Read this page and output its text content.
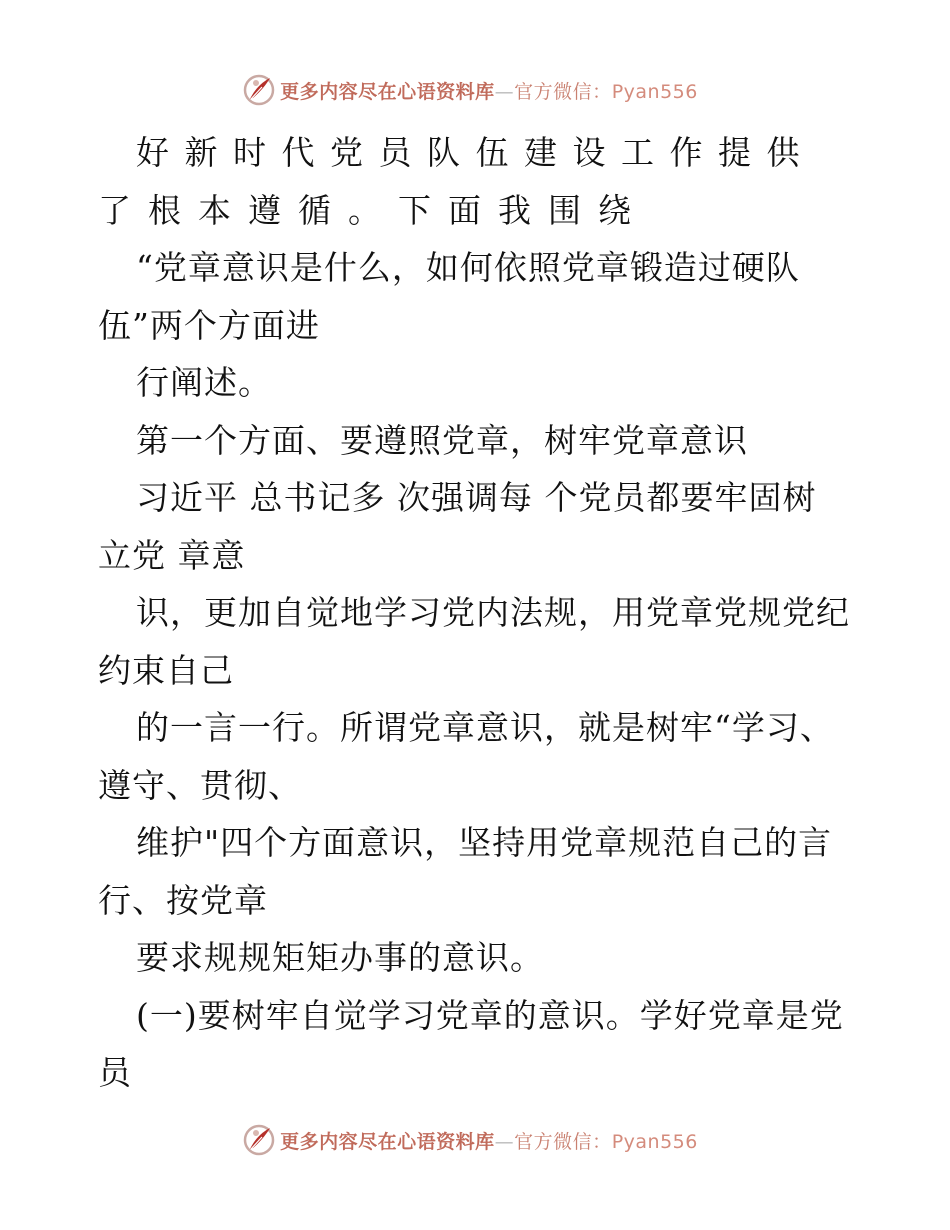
更多内容尽在心语资料库—官方微信：Pyan556
好新时代党员队伍建设工作提供
了根本遵循。下面我围绕
“党章意识是什么，如何依照党章锻造过硬队
伍”两个方面进
行阐述。
第一个方面、要遵照党章，树牢党章意识
习近平 总书记多 次强调每 个党员都要牢固树
立党 章意
识，更加自觉地学习党内法规，用党章党规党纪
约束自己
的一言一行。所谓党章意识，就是树牢“学习、
遵守、贯彻、
维护"四个方面意识，坚持用党章规范自己的言
行、按党章
要求规规矩矩办事的意识。
(一)要树牢自觉学习党章的意识。学好党章是党
员
更多内容尽在心语资料库—官方微信：Pyan556
